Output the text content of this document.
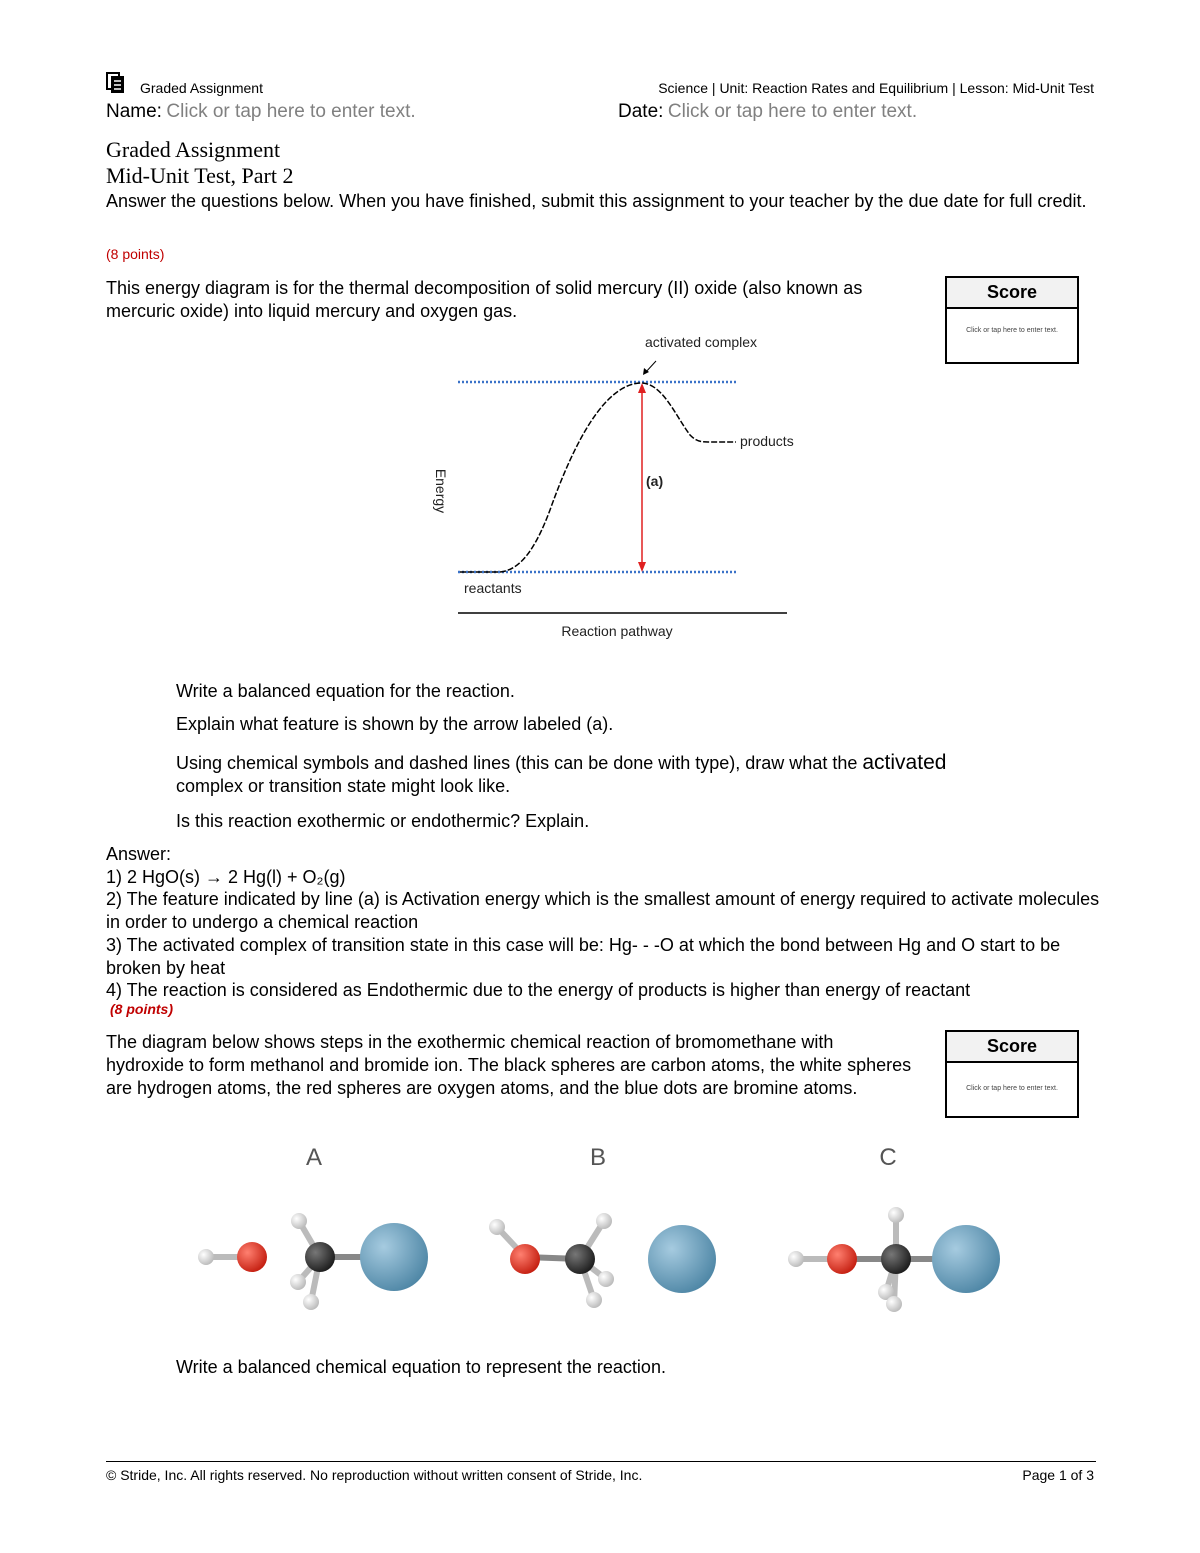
Graded Assignment	Science | Unit: Reaction Rates and Equilibrium | Lesson: Mid-Unit Test
Name: Click or tap here to enter text.	Date: Click or tap here to enter text.
Graded Assignment
Mid-Unit Test, Part 2
Answer the questions below. When you have finished, submit this assignment to your teacher by the due date for full credit.
(8 points)
This energy diagram is for the thermal decomposition of solid mercury (II) oxide (also known as mercuric oxide) into liquid mercury and oxygen gas.
Score
Click or tap here to enter text.
activated complex
products
(a)
Energy
reactants
Reaction pathway
Write a balanced equation for the reaction.
Explain what feature is shown by the arrow labeled (a).
Using chemical symbols and dashed lines (this can be done with type), draw what the activated
complex or transition state might look like.
Is this reaction exothermic or endothermic? Explain.
Answer:
1) 2 HgO(s) → 2 Hg(l) + O₂(g)
2) The feature indicated by line (a) is Activation energy which is the smallest amount of energy required to activate molecules in order to undergo a chemical reaction
3) The activated complex of transition state in this case will be: Hg- - -O at which the bond between Hg and O start to be broken by heat
4) The reaction is considered as Endothermic due to the energy of products is higher than energy of reactant
(8 points)
The diagram below shows steps in the exothermic chemical reaction of bromomethane with hydroxide to form methanol and bromide ion. The black spheres are carbon atoms, the white spheres are hydrogen atoms, the red spheres are oxygen atoms, and the blue dots are bromine atoms.
Score
Click or tap here to enter text.
A	B	C
Write a balanced chemical equation to represent the reaction.
© Stride, Inc. All rights reserved. No reproduction without written consent of Stride, Inc.	Page 1 of 3
